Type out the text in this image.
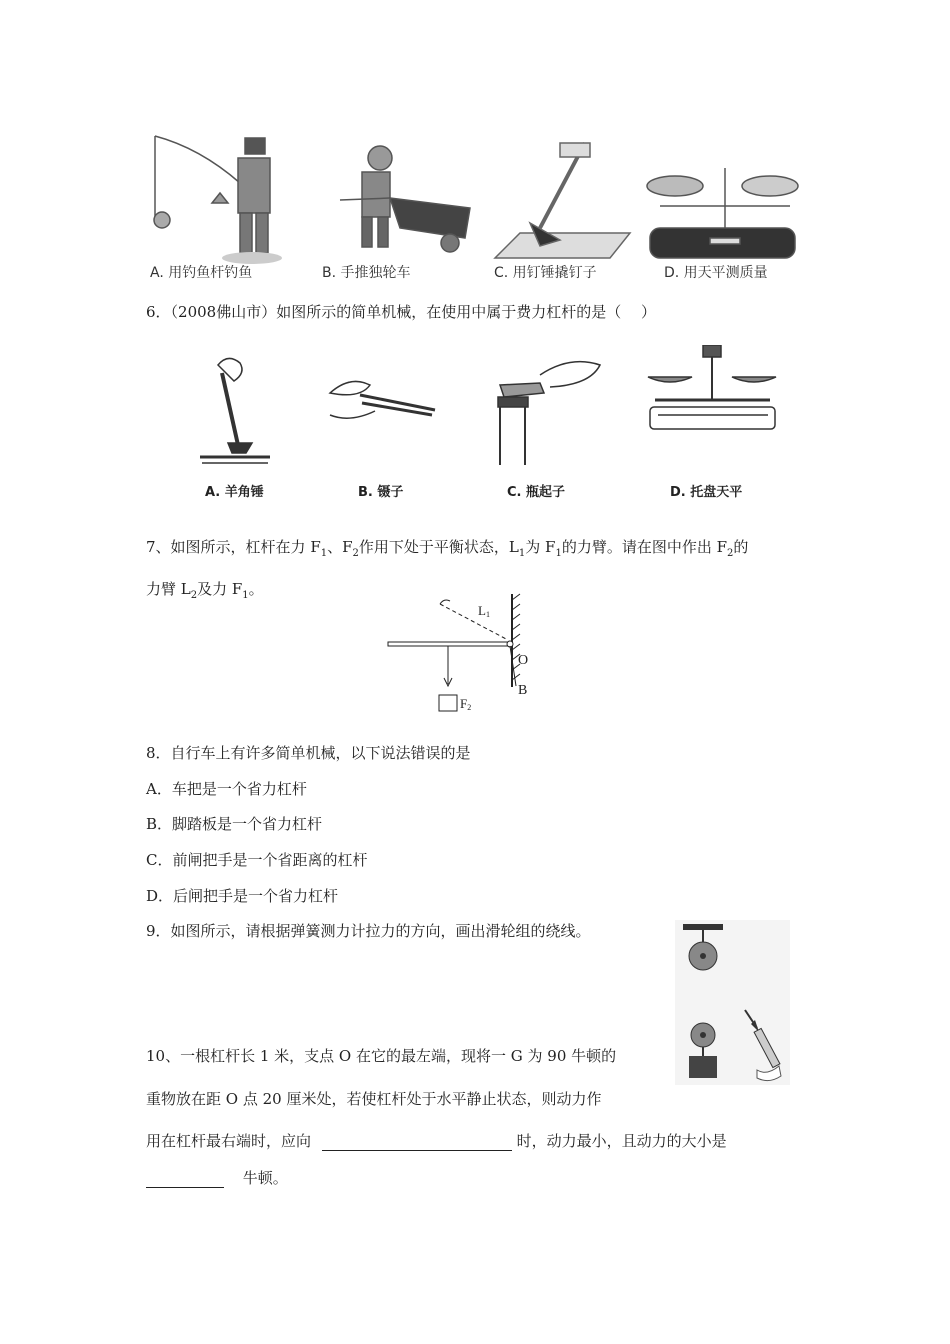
A. 用钓鱼杆钓鱼	B. 手推独轮车	C. 用钉锤撬钉子	D. 用天平测质量
6．（2008佛山市）如图所示的简单机械，在使用中属于费力杠杆的是（　 ）
A. 羊角锤	B. 镊子	C. 瓶起子	D. 托盘天平
7、如图所示，杠杆在力 $F_1$、$F_2$作用下处于平衡状态，$L_1$为 $F_1$的力臂。请在图中作出 $F_2$的
力臂 $L_2$及力 $F_1$。
L1
O
B
F2
8．自行车上有许多简单机械，以下说法错误的是
A．车把是一个省力杠杆
B．脚踏板是一个省力杠杆
C．前闸把手是一个省距离的杠杆
D．后闸把手是一个省力杠杆
9．如图所示，请根据弹簧测力计拉力的方向，画出滑轮组的绕线。
10、一根杠杆长 1 米，支点 O 在它的最左端，现将一 G 为 90 牛顿的
重物放在距 O 点 20 厘米处，若使杠杆处于水平静止状态，则动力作
用在杠杆最右端时，应向	时，动力最小，且动力的大小是
牛顿。
